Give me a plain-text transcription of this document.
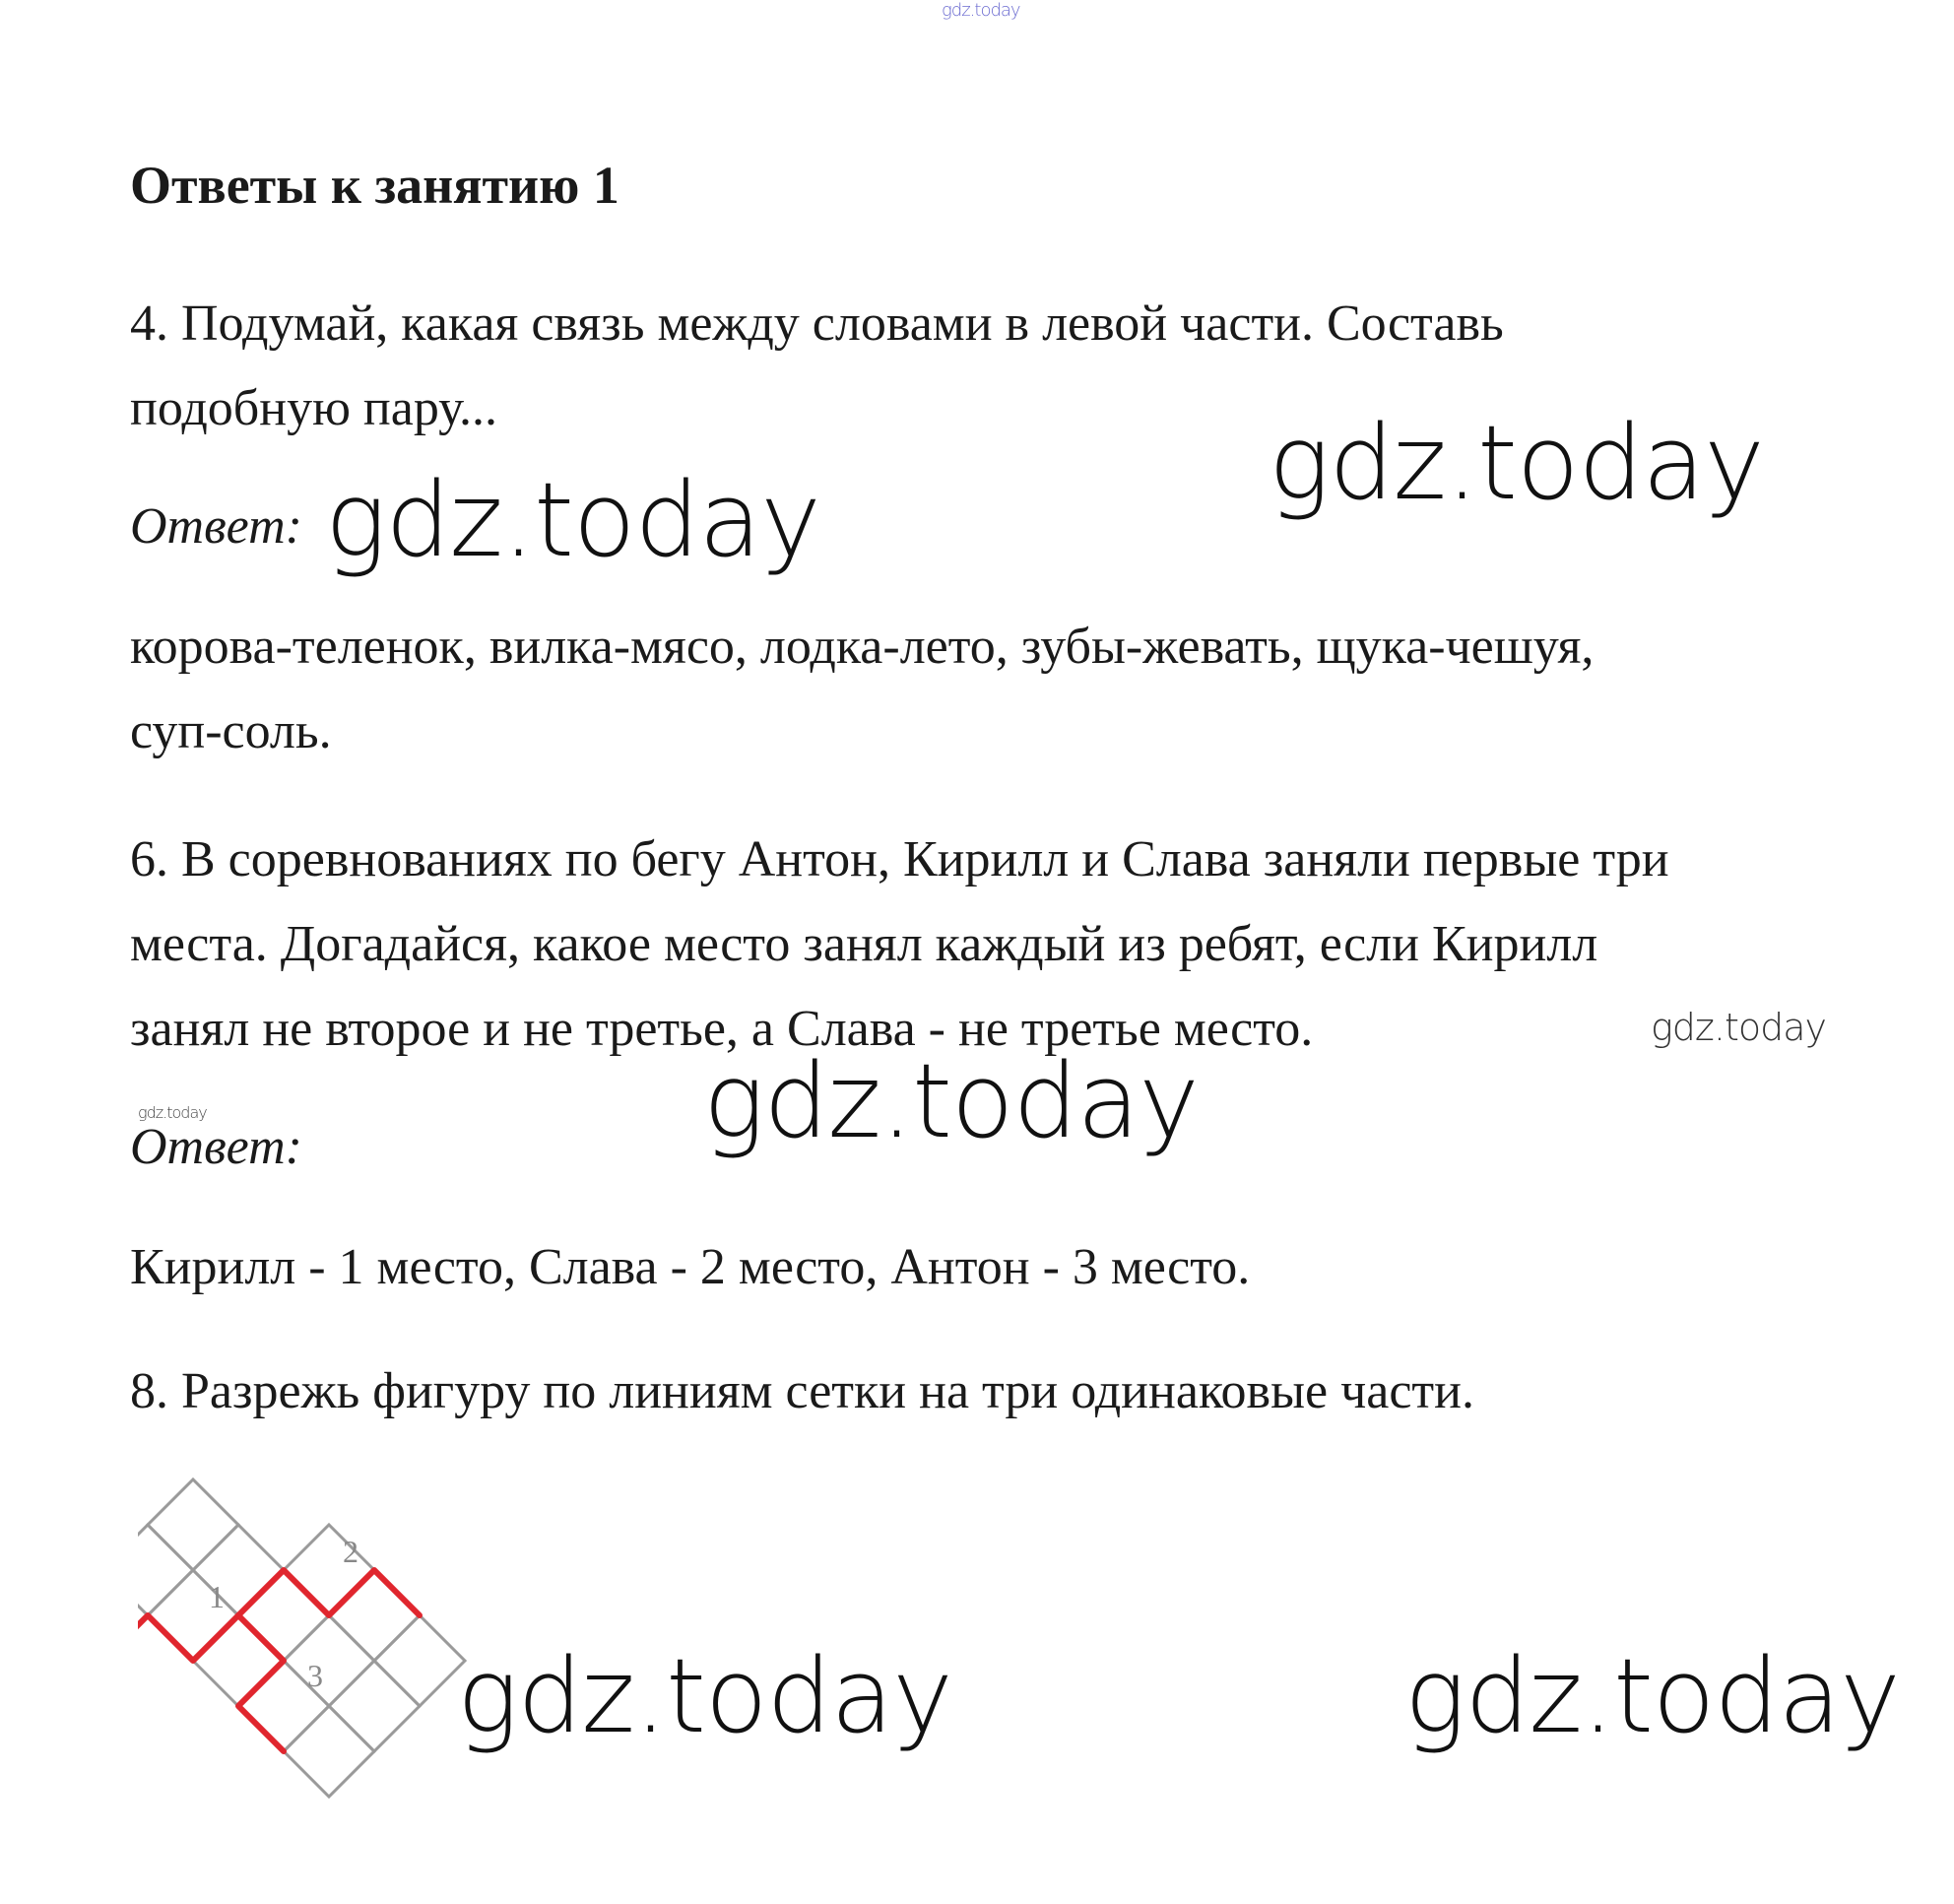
gdz.today
Ответы к занятию 1
4. Подумай, какая связь между словами в левой части. Составь
подобную пару...	gdz.today
Ответ: gdz.today
корова-теленок, вилка-мясо, лодка-лето, зубы-жевать, щука-чешуя,
суп-соль.
6. В соревнованиях по бегу Антон, Кирилл и Слава заняли первые три
места. Догадайся, какое место занял каждый из ребят, если Кирилл
занял не второе и не третье, а Слава - не третье место.	gdz.today
gdz.today	gdz.today
Ответ:
Кирилл - 1 место, Слава - 2 место, Антон - 3 место.
8. Разрежь фигуру по линиям сетки на три одинаковые части.
1
2
3 gdz.today	gdz.today
